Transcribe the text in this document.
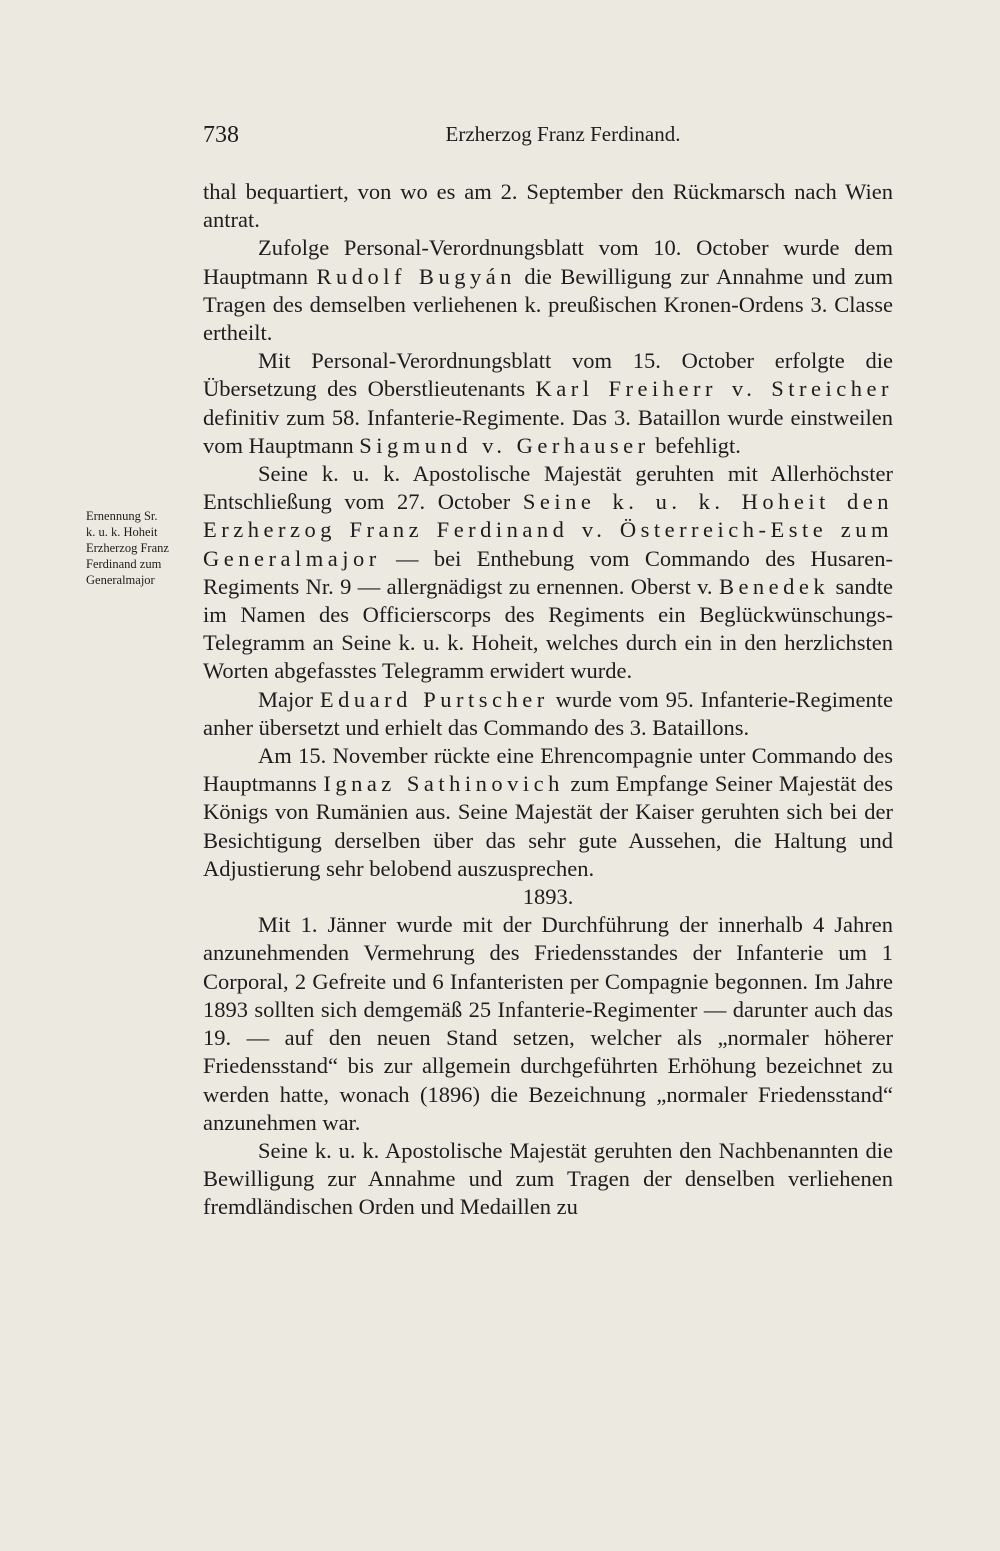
738	Erzherzog Franz Ferdinand.
Ernennung Sr.
k. u. k. Hoheit
Erzherzog Franz
Ferdinand zum
Generalmajor

thal bequartiert, von wo es am 2. September den Rückmarsch nach Wien antrat.

Zufolge Personal-Verordnungsblatt vom 10. October wurde dem Hauptmann Rudolf Bugyán die Bewilligung zur Annahme und zum Tragen des demselben verliehenen k. preußischen Kronen-Ordens 3. Classe ertheilt.

Mit Personal-Verordnungsblatt vom 15. October erfolgte die Übersetzung des Oberstlieutenants Karl Freiherr v. Streicher definitiv zum 58. Infanterie-Regimente. Das 3. Bataillon wurde einstweilen vom Hauptmann Sigmund v. Gerhauser befehligt.

Seine k. u. k. Apostolische Majestät geruhten mit Allerhöchster Entschließung vom 27. October Seine k. u. k. Hoheit den Erzherzog Franz Ferdinand v. Österreich-Este zum Generalmajor — bei Enthebung vom Commando des Husaren-Regiments Nr. 9 — allergnädigst zu ernennen. Oberst v. Benedek sandte im Namen des Officierscorps des Regiments ein Beglückwünschungs-Telegramm an Seine k. u. k. Hoheit, welches durch ein in den herzlichsten Worten abgefasstes Telegramm erwidert wurde.

Major Eduard Purtscher wurde vom 95. Infanterie-Regimente anher übersetzt und erhielt das Commando des 3. Bataillons.

Am 15. November rückte eine Ehrencompagnie unter Commando des Hauptmanns Ignaz Sathinovich zum Empfange Seiner Majestät des Königs von Rumänien aus. Seine Majestät der Kaiser geruhten sich bei der Besichtigung derselben über das sehr gute Aussehen, die Haltung und Adjustierung sehr belobend auszusprechen.

1893.

Mit 1. Jänner wurde mit der Durchführung der innerhalb 4 Jahren anzunehmenden Vermehrung des Friedensstandes der Infanterie um 1 Corporal, 2 Gefreite und 6 Infanteristen per Compagnie begonnen. Im Jahre 1893 sollten sich demgemäß 25 Infanterie-Regimenter — darunter auch das 19. — auf den neuen Stand setzen, welcher als „normaler höherer Friedensstand“ bis zur allgemein durchgeführten Erhöhung bezeichnet zu werden hatte, wonach (1896) die Bezeichnung „normaler Friedensstand“ anzunehmen war.

Seine k. u. k. Apostolische Majestät geruhten den Nachbenannten die Bewilligung zur Annahme und zum Tragen der denselben verliehenen fremdländischen Orden und Medaillen zu
